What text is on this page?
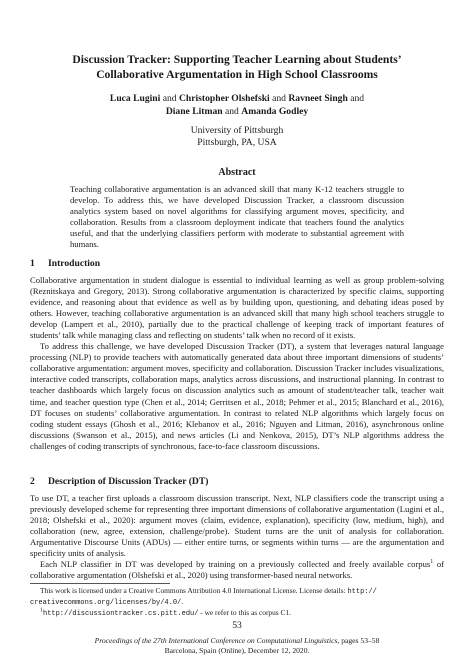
Discussion Tracker: Supporting Teacher Learning about Students’
Collaborative Argumentation in High School Classrooms
Luca Lugini and Christopher Olshefski and Ravneet Singh and
Diane Litman and Amanda Godley
University of Pittsburgh
Pittsburgh, PA, USA
Abstract
Teaching collaborative argumentation is an advanced skill that many K-12 teachers struggle to develop. To address this, we have developed Discussion Tracker, a classroom discussion analytics system based on novel algorithms for classifying argument moves, specificity, and collaboration. Results from a classroom deployment indicate that teachers found the analytics useful, and that the underlying classifiers perform with moderate to substantial agreement with humans.
1 Introduction

Collaborative argumentation in student dialogue is essential to individual learning as well as group problem-solving (Reznitskaya and Gregory, 2013). Strong collaborative argumentation is characterized by specific claims, supporting evidence, and reasoning about that evidence as well as by building upon, questioning, and debating ideas posed by others. However, teaching collaborative argumentation is an advanced skill that many high school teachers struggle to develop (Lampert et al., 2010), partially due to the practical challenge of keeping track of important features of students’ talk while managing class and reflecting on students’ talk when no record of it exists.

To address this challenge, we have developed Discussion Tracker (DT), a system that leverages natural language processing (NLP) to provide teachers with automatically generated data about three important dimensions of students’ collaborative argumentation: argument moves, specificity and collaboration. Discussion Tracker includes visualizations, interactive coded transcripts, collaboration maps, analytics across discussions, and instructional planning. In contrast to teacher dashboards which largely focus on discussion analytics such as amount of student/teacher talk, teacher wait time, and teacher question type (Chen et al., 2014; Gerritsen et al., 2018; Pehmer et al., 2015; Blanchard et al., 2016), DT focuses on students’ collaborative argumentation. In contrast to related NLP algorithms which largely focus on coding student essays (Ghosh et al., 2016; Klebanov et al., 2016; Nguyen and Litman, 2016), asynchronous online discussions (Swanson et al., 2015), and news articles (Li and Nenkova, 2015), DT’s NLP algorithms address the challenges of coding transcripts of synchronous, face-to-face classroom discussions.

2 Description of Discussion Tracker (DT)

To use DT, a teacher first uploads a classroom discussion transcript. Next, NLP classifiers code the transcript using a previously developed scheme for representing three important dimensions of collaborative argumentation (Lugini et al., 2018; Olshefski et al., 2020): argument moves (claim, evidence, explanation), specificity (low, medium, high), and collaboration (new, agree, extension, challenge/probe). Student turns are the unit of analysis for collaboration. Argumentative Discourse Units (ADUs) — either entire turns, or segments within turns — are the argumentation and specificity units of analysis.

Each NLP classifier in DT was developed by training on a previously collected and freely available corpus$^1$ of collaborative argumentation (Olshefski et al., 2020) using transformer-based neural networks.

This work is licensed under a Creative Commons Attribution 4.0 International License. License details: http://
creativecommons.org/licenses/by/4.0/.
$^1$http://discussiontracker.cs.pitt.edu/ - we refer to this as corpus C1.
53
Proceedings of the 27th International Conference on Computational Linguistics, pages 53–58
Barcelona, Spain (Online), December 12, 2020.
